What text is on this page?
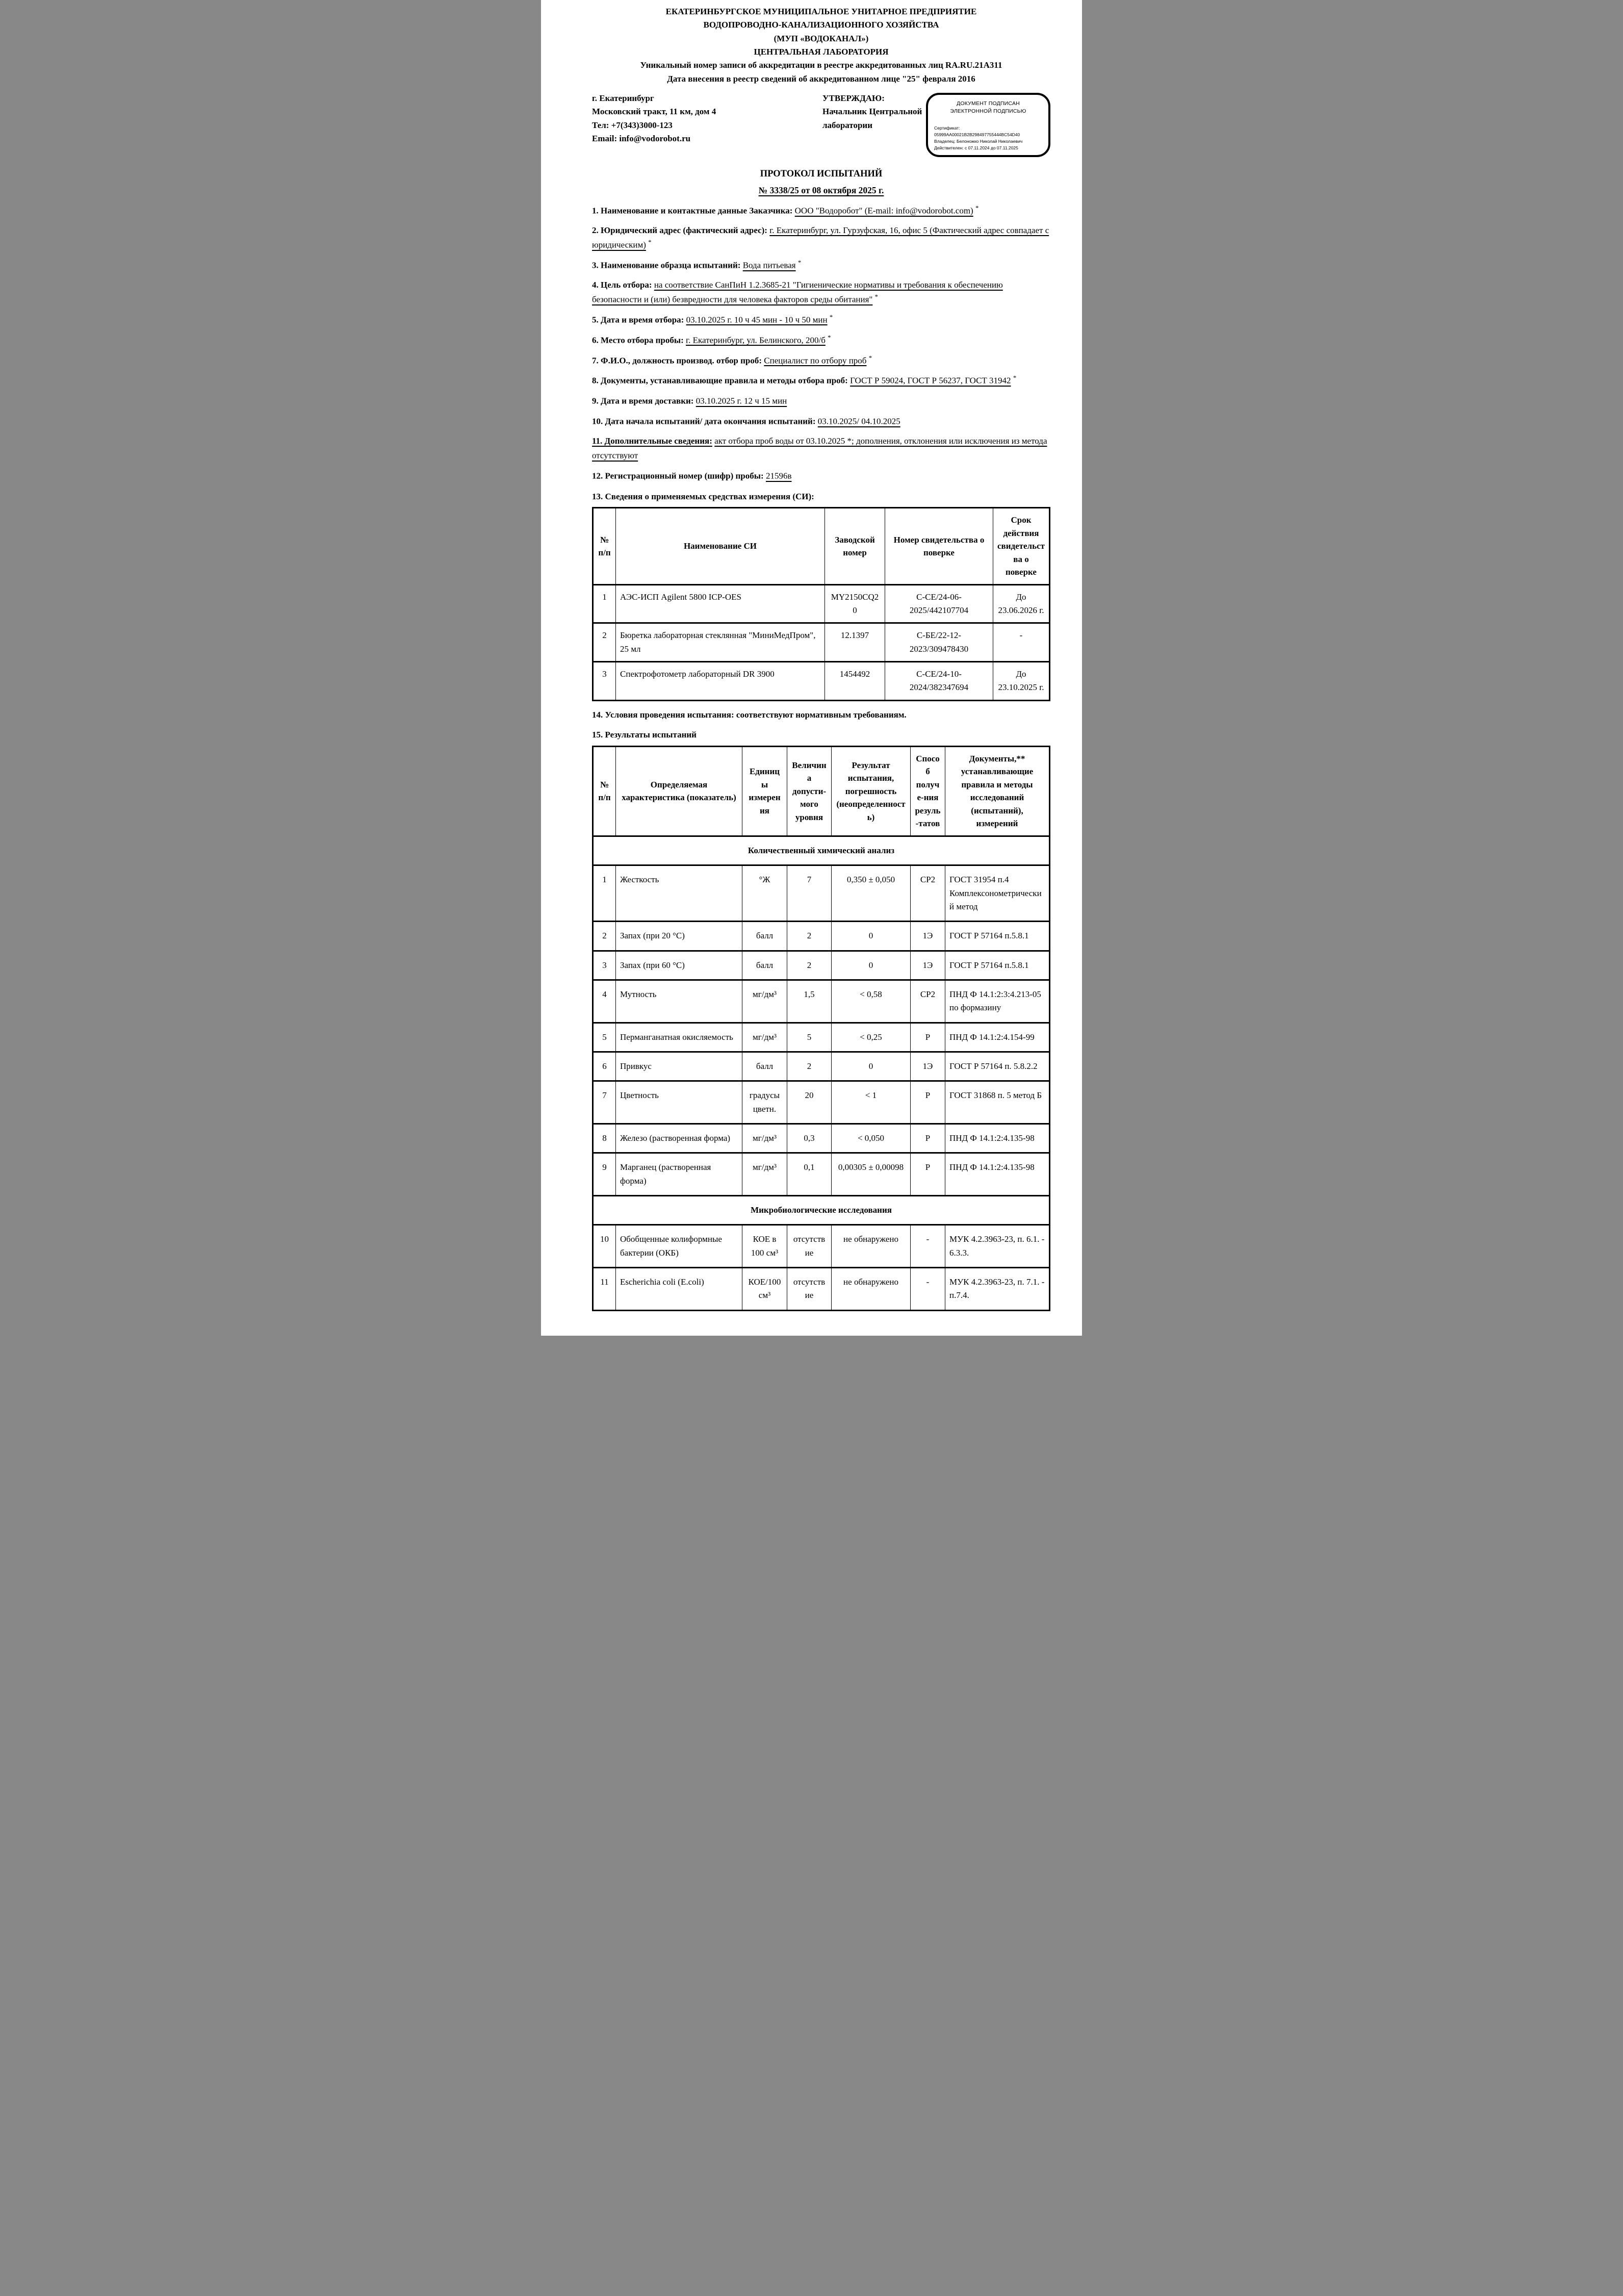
ЕКАТЕРИНБУРГСКОЕ МУНИЦИПАЛЬНОЕ УНИТАРНОЕ ПРЕДПРИЯТИЕ
ВОДОПРОВОДНО-КАНАЛИЗАЦИОННОГО ХОЗЯЙСТВА
(МУП «ВОДОКАНАЛ»)
ЦЕНТРАЛЬНАЯ ЛАБОРАТОРИЯ
Уникальный номер записи об аккредитации в реестре аккредитованных лиц RA.RU.21А311
Дата внесения в реестр сведений об аккредитованном лице "25" февраля 2016
г. Екатеринбург
Московский тракт, 11 км, дом 4
Тел: +7(343)3000-123
Email: info@vodorobot.ru
УТВЕРЖДАЮ:
Начальник Центральной
лаборатории
ДОКУМЕНТ ПОДПИСАН
ЭЛЕКТРОННОЙ ПОДПИСЬЮ
Сертификат: 05999AA00021B2B298497755444BC54D40
Владелец: Белоножко Николай Николаевич
Действителен: с 07.11.2024 до 07.11.2025
ПРОТОКОЛ ИСПЫТАНИЙ
№ 3338/25 от 08 октября 2025 г.

1. Наименование и контактные данные Заказчика: ООО "Водоробот" (E-mail: info@vodorobot.com) *

2. Юридический адрес (фактический адрес): г. Екатеринбург, ул. Гурзуфская, 16, офис 5 (Фактический адрес совпадает с юридическим) *

3. Наименование образца испытаний: Вода питьевая *

4. Цель отбора: на соответствие СанПиН 1.2.3685-21 "Гигиенические нормативы и требования к обеспечению безопасности и (или) безвредности для человека факторов среды обитания" *

5. Дата и время отбора: 03.10.2025 г. 10 ч 45 мин - 10 ч 50 мин *

6. Место отбора пробы: г. Екатеринбург, ул. Белинского, 200/б *

7. Ф.И.О., должность производ. отбор проб: Специалист по отбору проб *

8. Документы, устанавливающие правила и методы отбора проб: ГОСТ Р 59024, ГОСТ Р 56237, ГОСТ 31942 *

9. Дата и время доставки: 03.10.2025 г. 12 ч 15 мин

10. Дата начала испытаний/ дата окончания испытаний: 03.10.2025/ 04.10.2025

11. Дополнительные сведения: акт отбора проб воды от 03.10.2025 *; дополнения, отклонения или исключения из метода отсутствуют

12. Регистрационный номер (шифр) пробы: 21596в

13. Сведения о применяемых средствах измерения (СИ):

№ п/п	Наименование СИ	Заводской номер	Номер свидетельства о поверке	Срок действия свидетельства о поверке
1	АЭС-ИСП Agilent 5800 ICP-OES	MY2150CQ20	С-СЕ/24-06-2025/442107704	До 23.06.2026 г.
2	Бюретка лабораторная стеклянная "МиниМедПром", 25 мл	12.1397	С-БЕ/22-12-2023/309478430	-
3	Спектрофотометр лабораторный DR 3900	1454492	С-СЕ/24-10-2024/382347694	До 23.10.2025 г.

14. Условия проведения испытания: соответствуют нормативным требованиям.

15. Результаты испытаний

№ п/п	Определяемая характеристика (показатель)	Единицы измерения	Величина допусти-мого уровня	Результат испытания, погрешность (неопределенность)	Способ получе-ния резуль-татов	Документы,** устанавливающие правила и методы исследований (испытаний), измерений
Количественный химический анализ						
1	Жесткость	°Ж	7	0,350 ± 0,050	СР2	ГОСТ 31954 п.4 Комплексонометрический метод
2	Запах (при 20 °С)	балл	2	0	1Э	ГОСТ Р 57164 п.5.8.1
3	Запах (при 60 °С)	балл	2	0	1Э	ГОСТ Р 57164 п.5.8.1
4	Мутность	мг/дм³	1,5	< 0,58	СР2	ПНД Ф 14.1:2:3:4.213-05 по формазину
5	Перманганатная окисляемость	мг/дм³	5	< 0,25	Р	ПНД Ф 14.1:2:4.154-99
6	Привкус	балл	2	0	1Э	ГОСТ Р 57164 п. 5.8.2.2
7	Цветность	градусы цветн.	20	< 1	Р	ГОСТ 31868 п. 5 метод Б
8	Железо (растворенная форма)	мг/дм³	0,3	< 0,050	Р	ПНД Ф 14.1:2:4.135-98
9	Марганец (растворенная форма)	мг/дм³	0,1	0,00305 ± 0,00098	Р	ПНД Ф 14.1:2:4.135-98
Микробиологические исследования						
10	Обобщенные колиформные бактерии (ОКБ)	КОЕ в 100 см³	отсутствие	не обнаружено	-	МУК 4.2.3963-23, п. 6.1. - 6.3.3.
11	Escherichia coli (E.coli)	КОЕ/100 см³	отсутствие	не обнаружено	-	МУК 4.2.3963-23, п. 7.1. - п.7.4.
